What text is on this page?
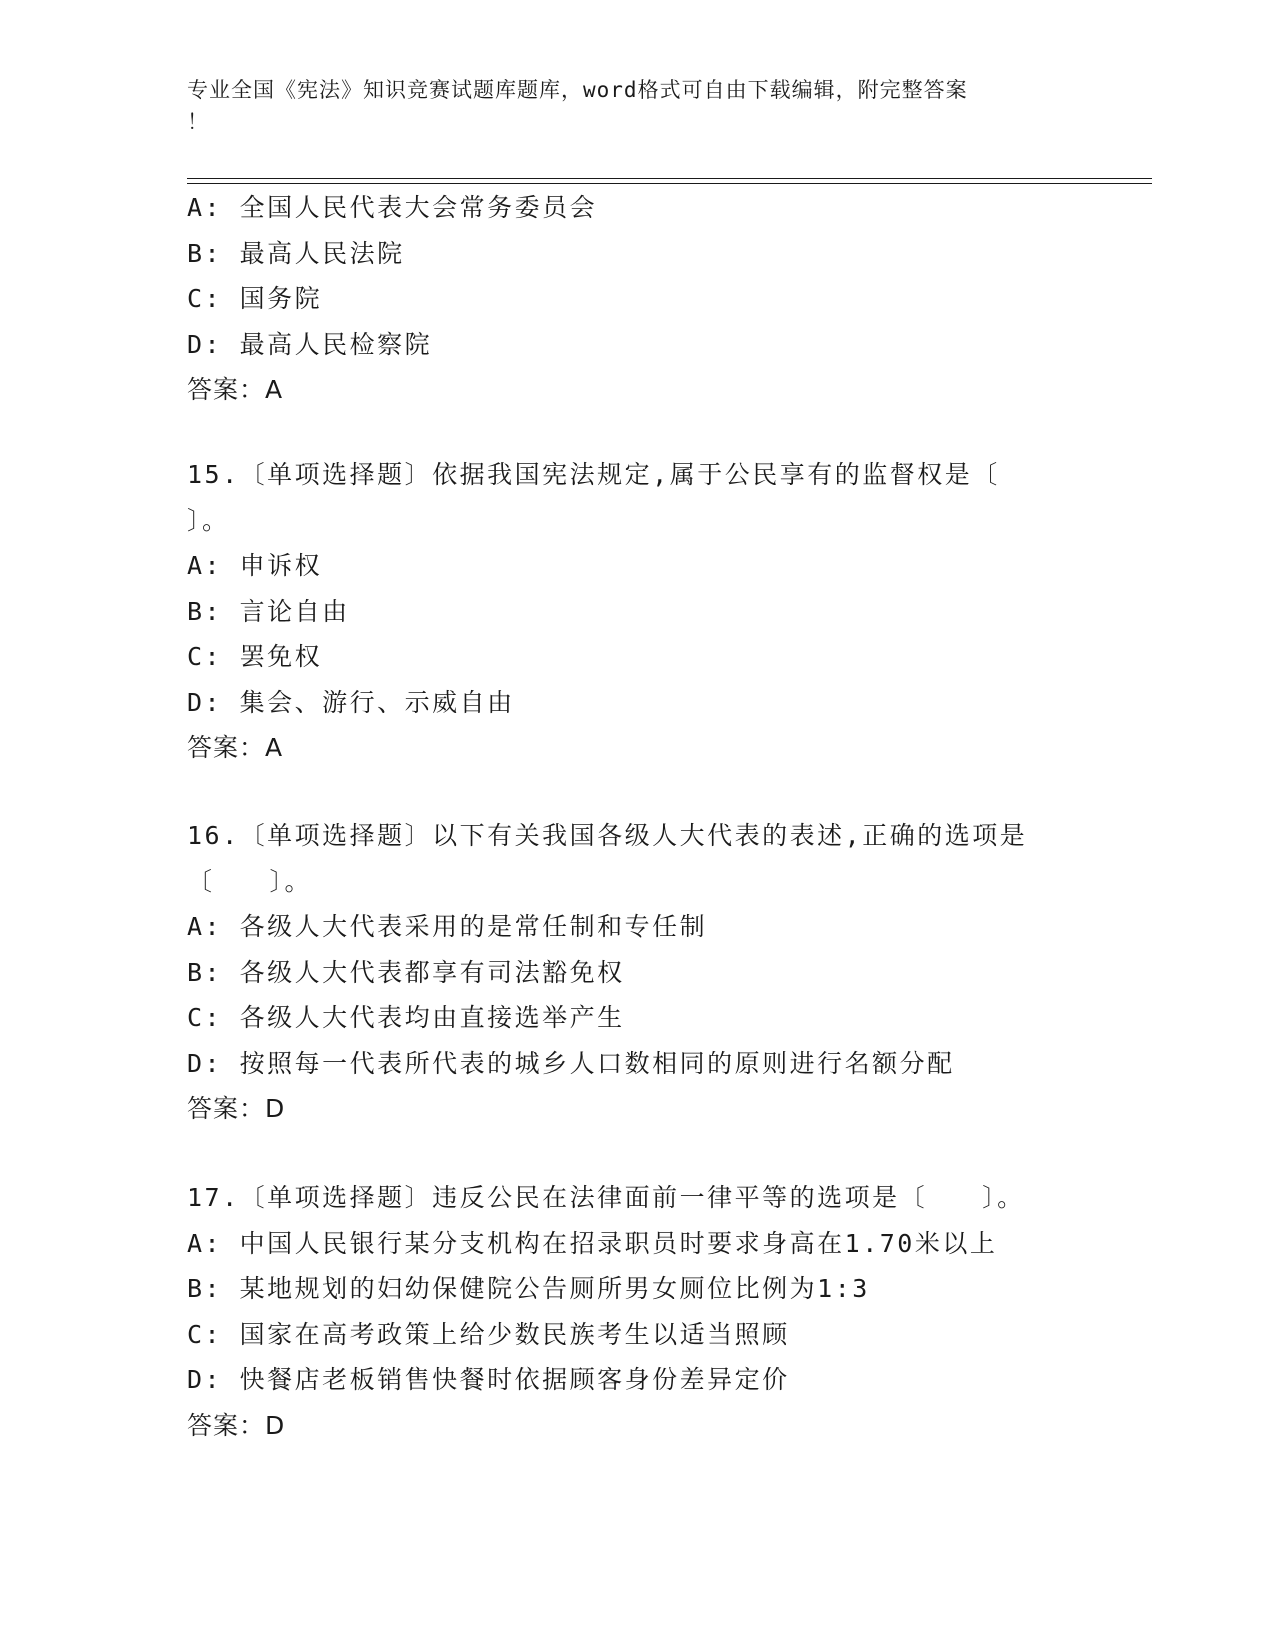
专业全国《宪法》知识竞赛试题库题库，word格式可自由下载编辑，附完整答案
！
A: 全国人民代表大会常务委员会
B: 最高人民法院
C: 国务院
D: 最高人民检察院
答案：A
15.〔单项选择题〕依据我国宪法规定,属于公民享有的监督权是〔
〕。
A: 申诉权
B: 言论自由
C: 罢免权
D: 集会、游行、示威自由
答案：A
16.〔单项选择题〕以下有关我国各级人大代表的表述,正确的选项是
〔　　〕。
A: 各级人大代表采用的是常任制和专任制
B: 各级人大代表都享有司法豁免权
C: 各级人大代表均由直接选举产生
D: 按照每一代表所代表的城乡人口数相同的原则进行名额分配
答案：D
17.〔单项选择题〕违反公民在法律面前一律平等的选项是〔　　〕。
A: 中国人民银行某分支机构在招录职员时要求身高在1.70米以上
B: 某地规划的妇幼保健院公告厕所男女厕位比例为1:3
C: 国家在高考政策上给少数民族考生以适当照顾
D: 快餐店老板销售快餐时依据顾客身份差异定价
答案：D
